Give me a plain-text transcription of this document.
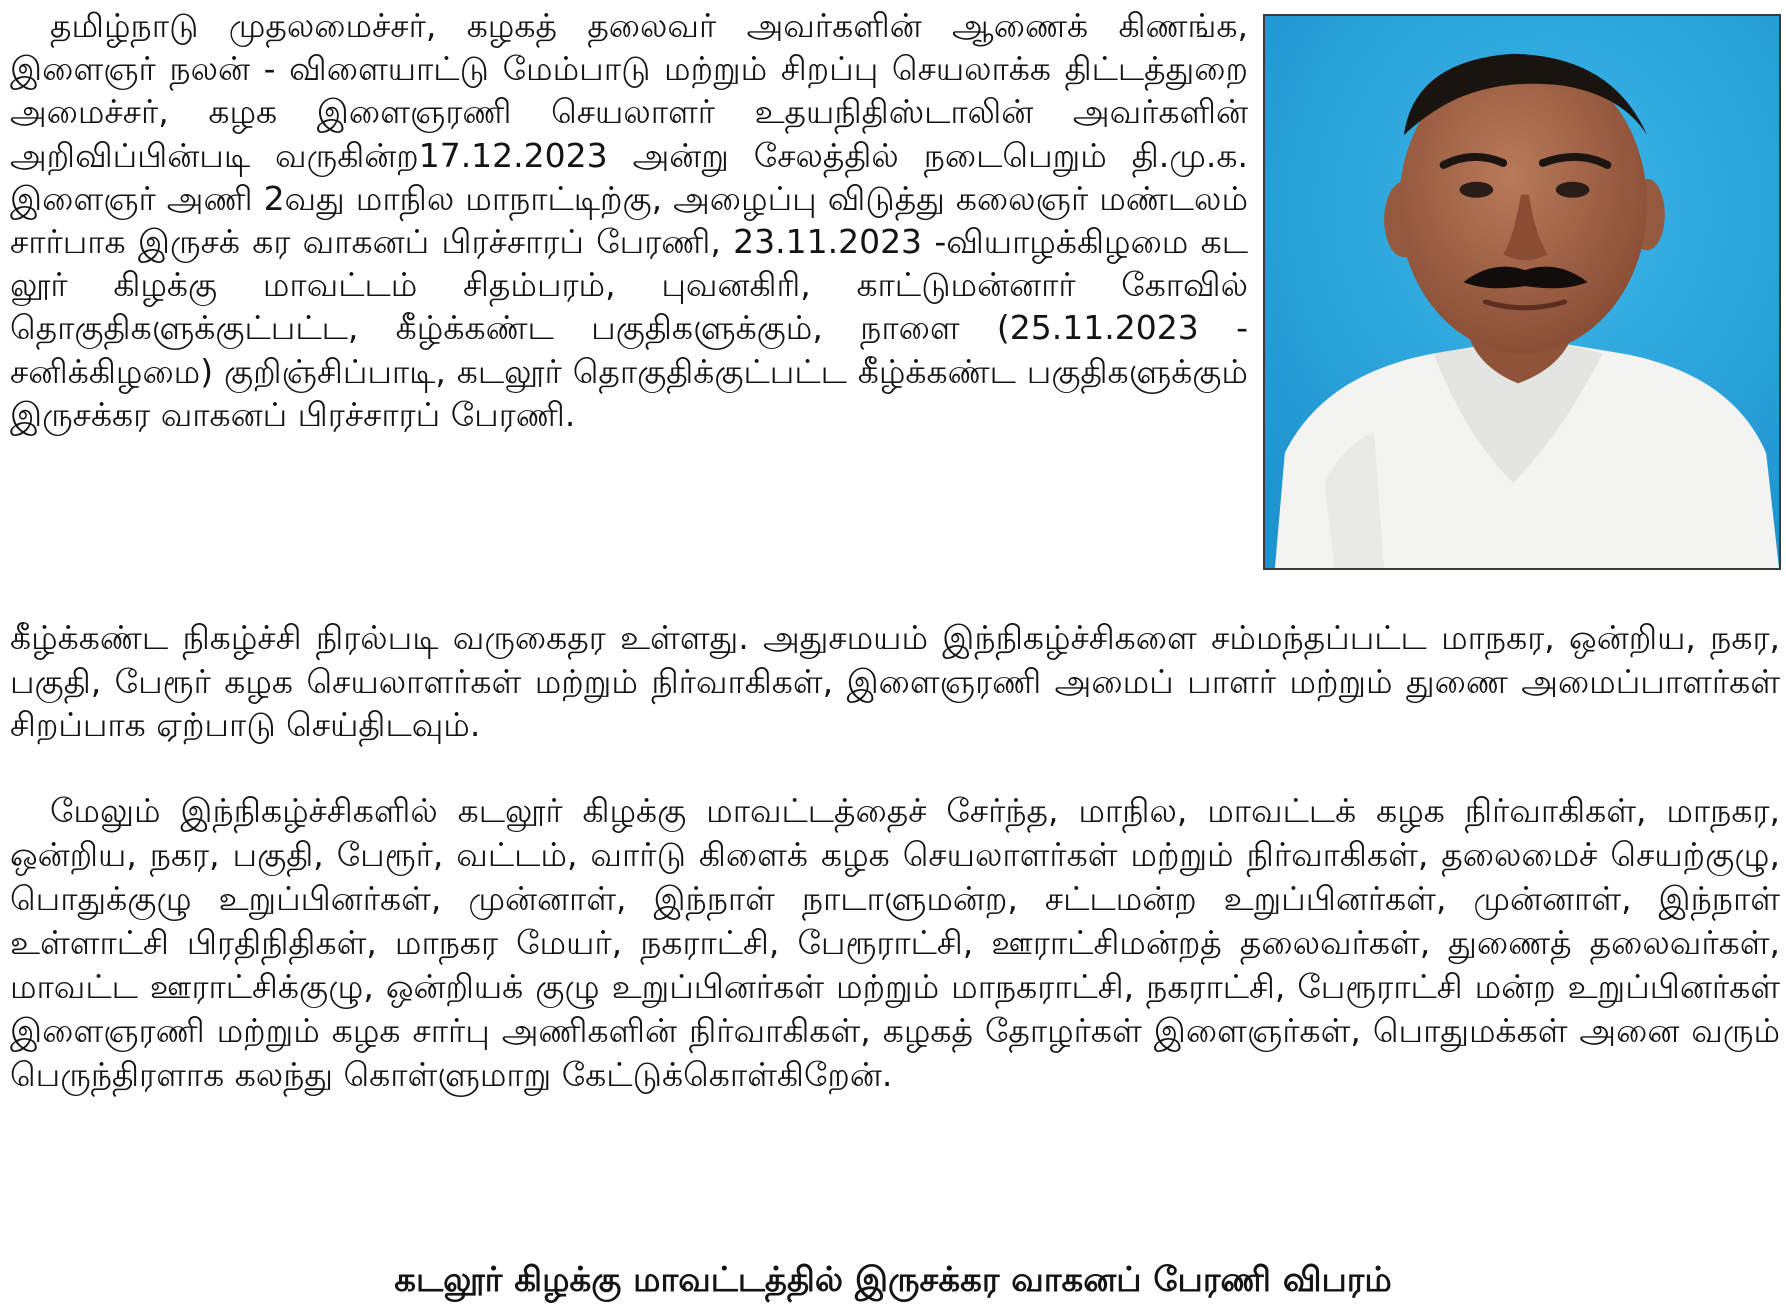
தமிழ்நாடு முதலமைச்சர், கழகத் தலைவர் அவர்களின் ஆணைக் கிணங்க, இளைஞர் நலன் - விளையாட்டு மேம்பாடு மற்றும் சிறப்பு செயலாக்க திட்டத்துறை அமைச்சர், கழக இளைஞரணி செயலாளர் உதயநிதிஸ்டாலின் அவர்களின் அறிவிப்பின்படி வருகின்ற17.12.2023 அன்று சேலத்தில் நடைபெறும் தி.மு.க. இளைஞர் அணி 2வது மாநில மாநாட்டிற்கு, அழைப்பு விடுத்து கலைஞர் மண்டலம் சார்பாக இருசக் கர வாகனப் பிரச்சாரப் பேரணி, 23.11.2023 -வியாழக்கிழமை கட லூர் கிழக்கு மாவட்டம் சிதம்பரம், புவனகிரி, காட்டுமன்னார் கோவில் தொகுதிகளுக்குட்பட்ட, கீழ்க்கண்ட பகுதிகளுக்கும், நாளை (25.11.2023 - சனிக்கிழமை) குறிஞ்சிப்பாடி, கடலூர் தொகுதிக்குட்பட்ட கீழ்க்கண்ட பகுதிகளுக்கும் இருசக்கர வாகனப் பிரச்சாரப் பேரணி.

கீழ்க்கண்ட நிகழ்ச்சி நிரல்படி வருகைதர உள்ளது. அதுசமயம் இந்நிகழ்ச்சிகளை சம்மந்தப்பட்ட மாநகர, ஒன்றிய, நகர, பகுதி, பேரூர் கழக செயலாளர்கள் மற்றும் நிர்வாகிகள், இளைஞரணி அமைப் பாளர் மற்றும் துணை அமைப்பாளர்கள் சிறப்பாக ஏற்பாடு செய்திடவும்.

மேலும் இந்நிகழ்ச்சிகளில் கடலூர் கிழக்கு மாவட்டத்தைச் சேர்ந்த, மாநில, மாவட்டக் கழக நிர்வாகிகள், மாநகர, ஒன்றிய, நகர, பகுதி, பேரூர், வட்டம், வார்டு கிளைக் கழக செயலாளர்கள் மற்றும் நிர்வாகிகள், தலைமைச் செயற்குழு, பொதுக்குழு உறுப்பினர்கள், முன்னாள், இந்நாள் நாடாளுமன்ற, சட்டமன்ற உறுப்பினர்கள், முன்னாள், இந்நாள் உள்ளாட்சி பிரதிநிதிகள், மாநகர மேயர், நகராட்சி, பேரூராட்சி, ஊராட்சிமன்றத் தலைவர்கள், துணைத் தலைவர்கள், மாவட்ட ஊராட்சிக்குழு, ஒன்றியக் குழு உறுப்பினர்கள் மற்றும் மாநகராட்சி, நகராட்சி, பேரூராட்சி மன்ற உறுப்பினர்கள் இளைஞரணி மற்றும் கழக சார்பு அணிகளின் நிர்வாகிகள், கழகத் தோழர்கள் இளைஞர்கள், பொதுமக்கள் அனை வரும் பெருந்திரளாக கலந்து கொள்ளுமாறு கேட்டுக்கொள்கிறேன்.

கடலூர் கிழக்கு மாவட்டத்தில் இருசக்கர வாகனப் பேரணி விபரம்
